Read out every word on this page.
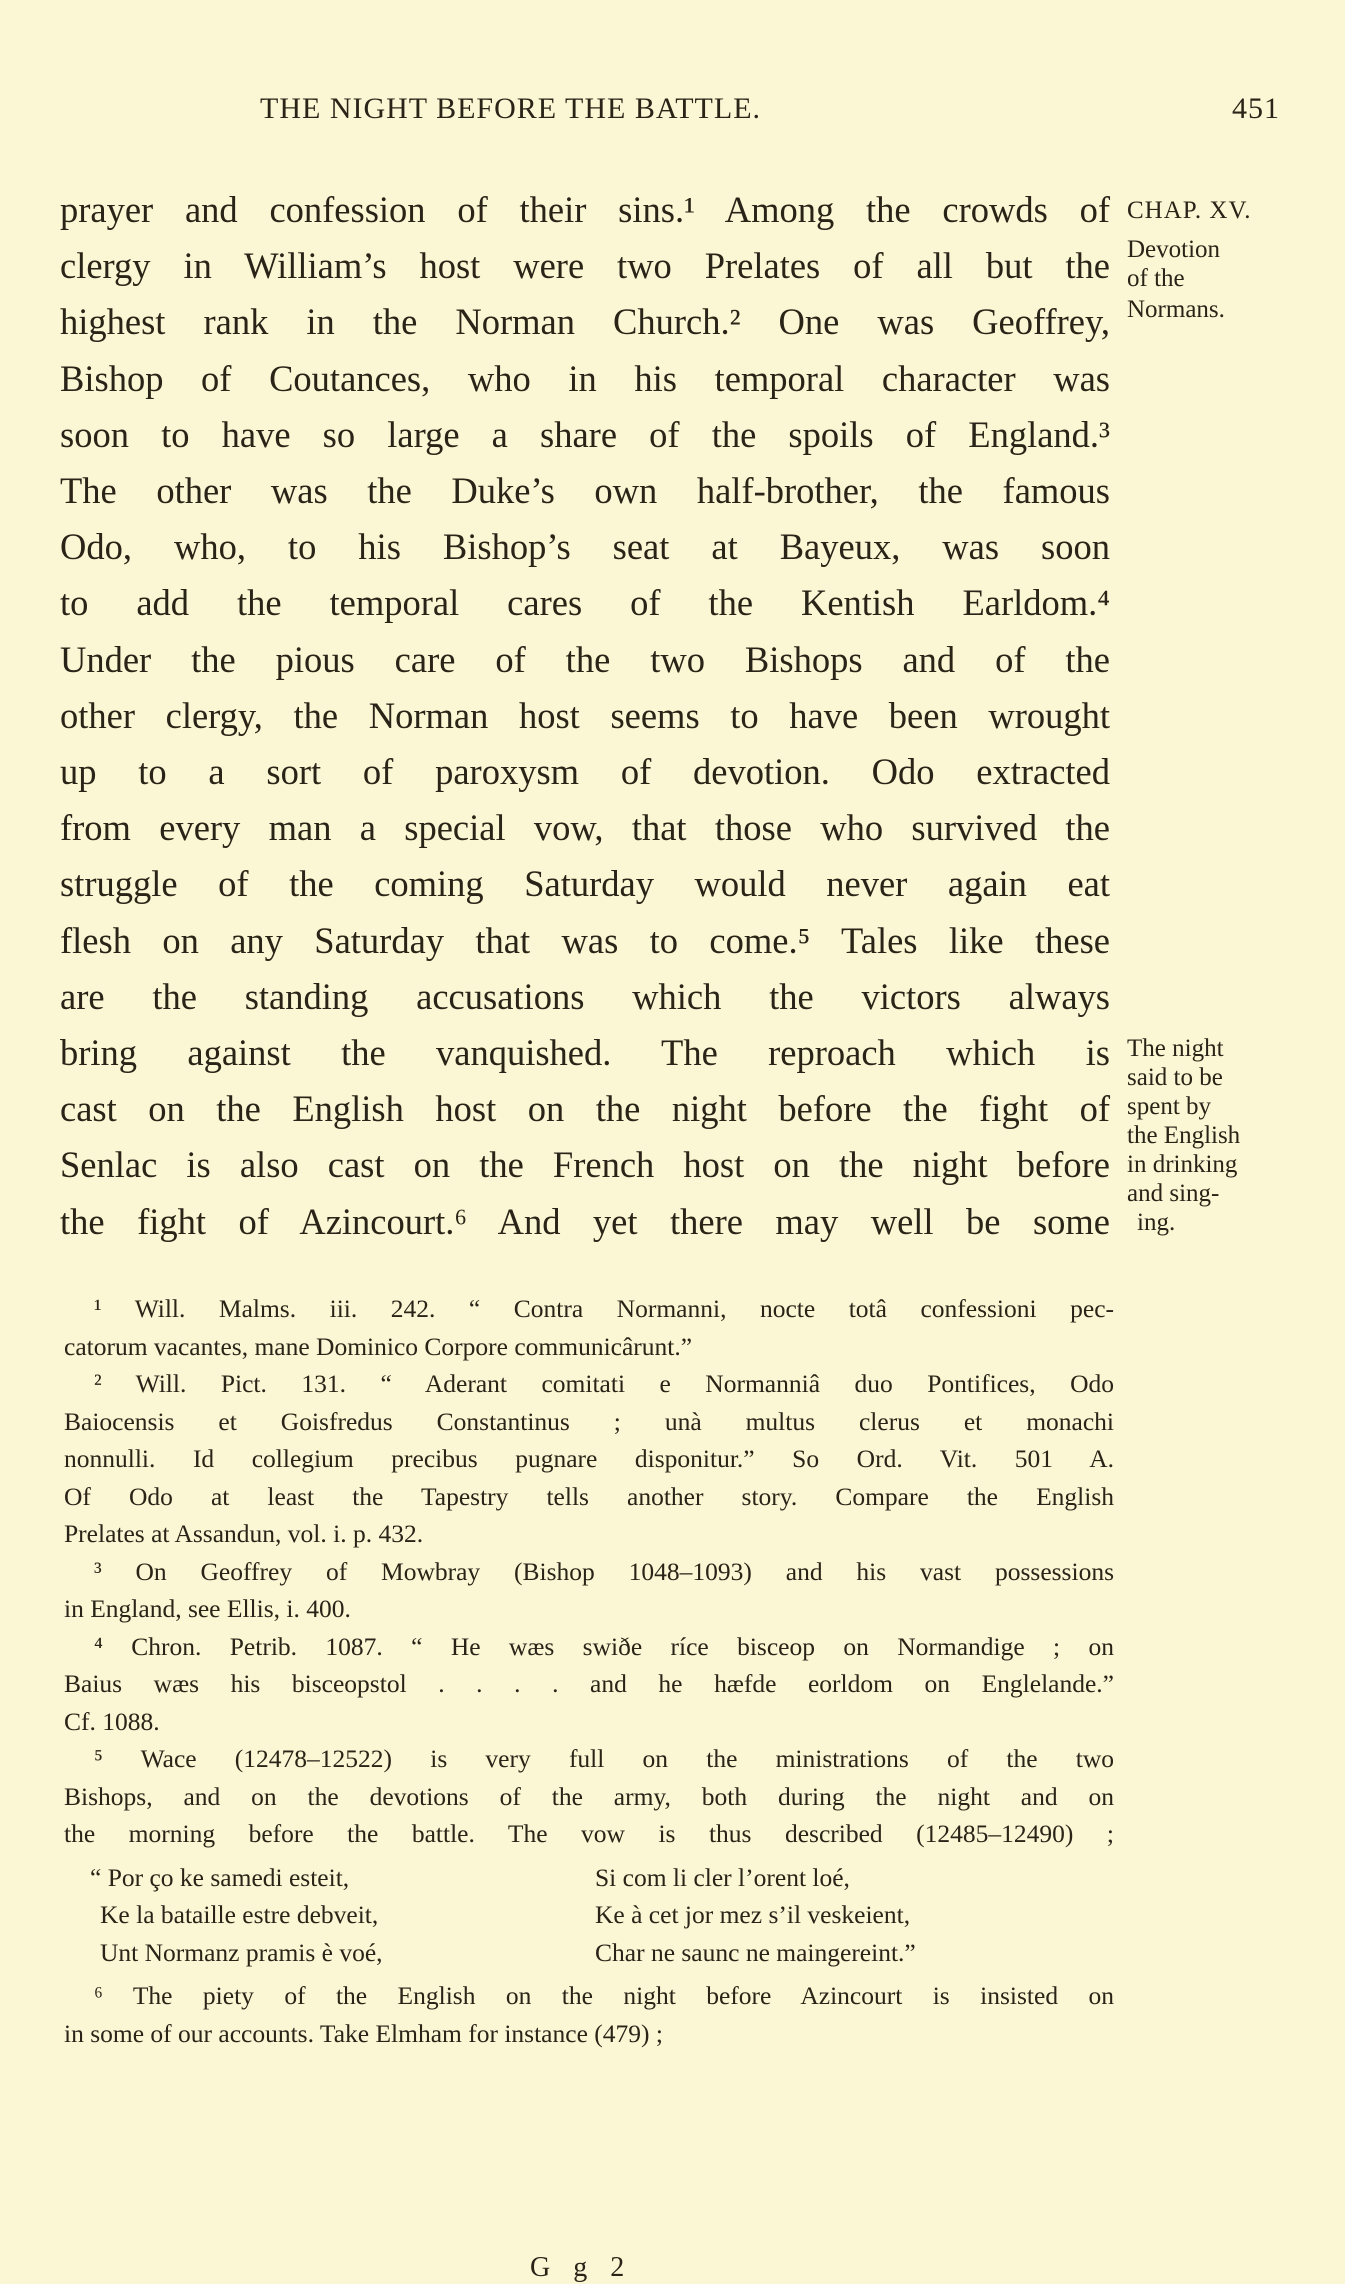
THE NIGHT BEFORE THE BATTLE.	451
prayer and confession of their sins.¹ Among the crowds of
clergy in William’s host were two Prelates of all but the
highest rank in the Norman Church.² One was Geoffrey,
Bishop of Coutances, who in his temporal character was
soon to have so large a share of the spoils of England.³
The other was the Duke’s own half-brother, the famous
Odo, who, to his Bishop’s seat at Bayeux, was soon
to add the temporal cares of the Kentish Earldom.⁴
Under the pious care of the two Bishops and of the
other clergy, the Norman host seems to have been wrought
up to a sort of paroxysm of devotion. Odo extracted
from every man a special vow, that those who survived the
struggle of the coming Saturday would never again eat
flesh on any Saturday that was to come.⁵ Tales like these
are the standing accusations which the victors always
bring against the vanquished. The reproach which is
cast on the English host on the night before the fight of
Senlac is also cast on the French host on the night before
the fight of Azincourt.⁶ And yet there may well be some
CHAP. XV.
Devotion
of the
Normans.
The night
said to be
spent by
the English
in drinking
and sing-
ing.
¹ Will. Malms. iii. 242. “ Contra Normanni, nocte totâ confessioni pec-
catorum vacantes, mane Dominico Corpore communicârunt.”
² Will. Pict. 131. “ Aderant comitati e Normanniâ duo Pontifices, Odo
Baiocensis et Goisfredus Constantinus ; unà multus clerus et monachi
nonnulli. Id collegium precibus pugnare disponitur.” So Ord. Vit. 501 A.
Of Odo at least the Tapestry tells another story. Compare the English
Prelates at Assandun, vol. i. p. 432.
³ On Geoffrey of Mowbray (Bishop 1048–1093) and his vast possessions
in England, see Ellis, i. 400.
⁴ Chron. Petrib. 1087. “ He wæs swiðe ríce bisceop on Normandige ; on
Baius wæs his bisceopstol . . . . and he hæfde eorldom on Englelande.”
Cf. 1088.
⁵ Wace (12478–12522) is very full on the ministrations of the two
Bishops, and on the devotions of the army, both during the night and on
the morning before the battle. The vow is thus described (12485–12490) ;
“ Por ço ke samedi esteit,
Ke la bataille estre debveit,
Unt Normanz pramis è voé,
Si com li cler l’orent loé,
Ke à cet jor mez s’il veskeient,
Char ne saunc ne maingereint.”
⁶ The piety of the English on the night before Azincourt is insisted on
in some of our accounts. Take Elmham for instance (479) ;
G g 2
